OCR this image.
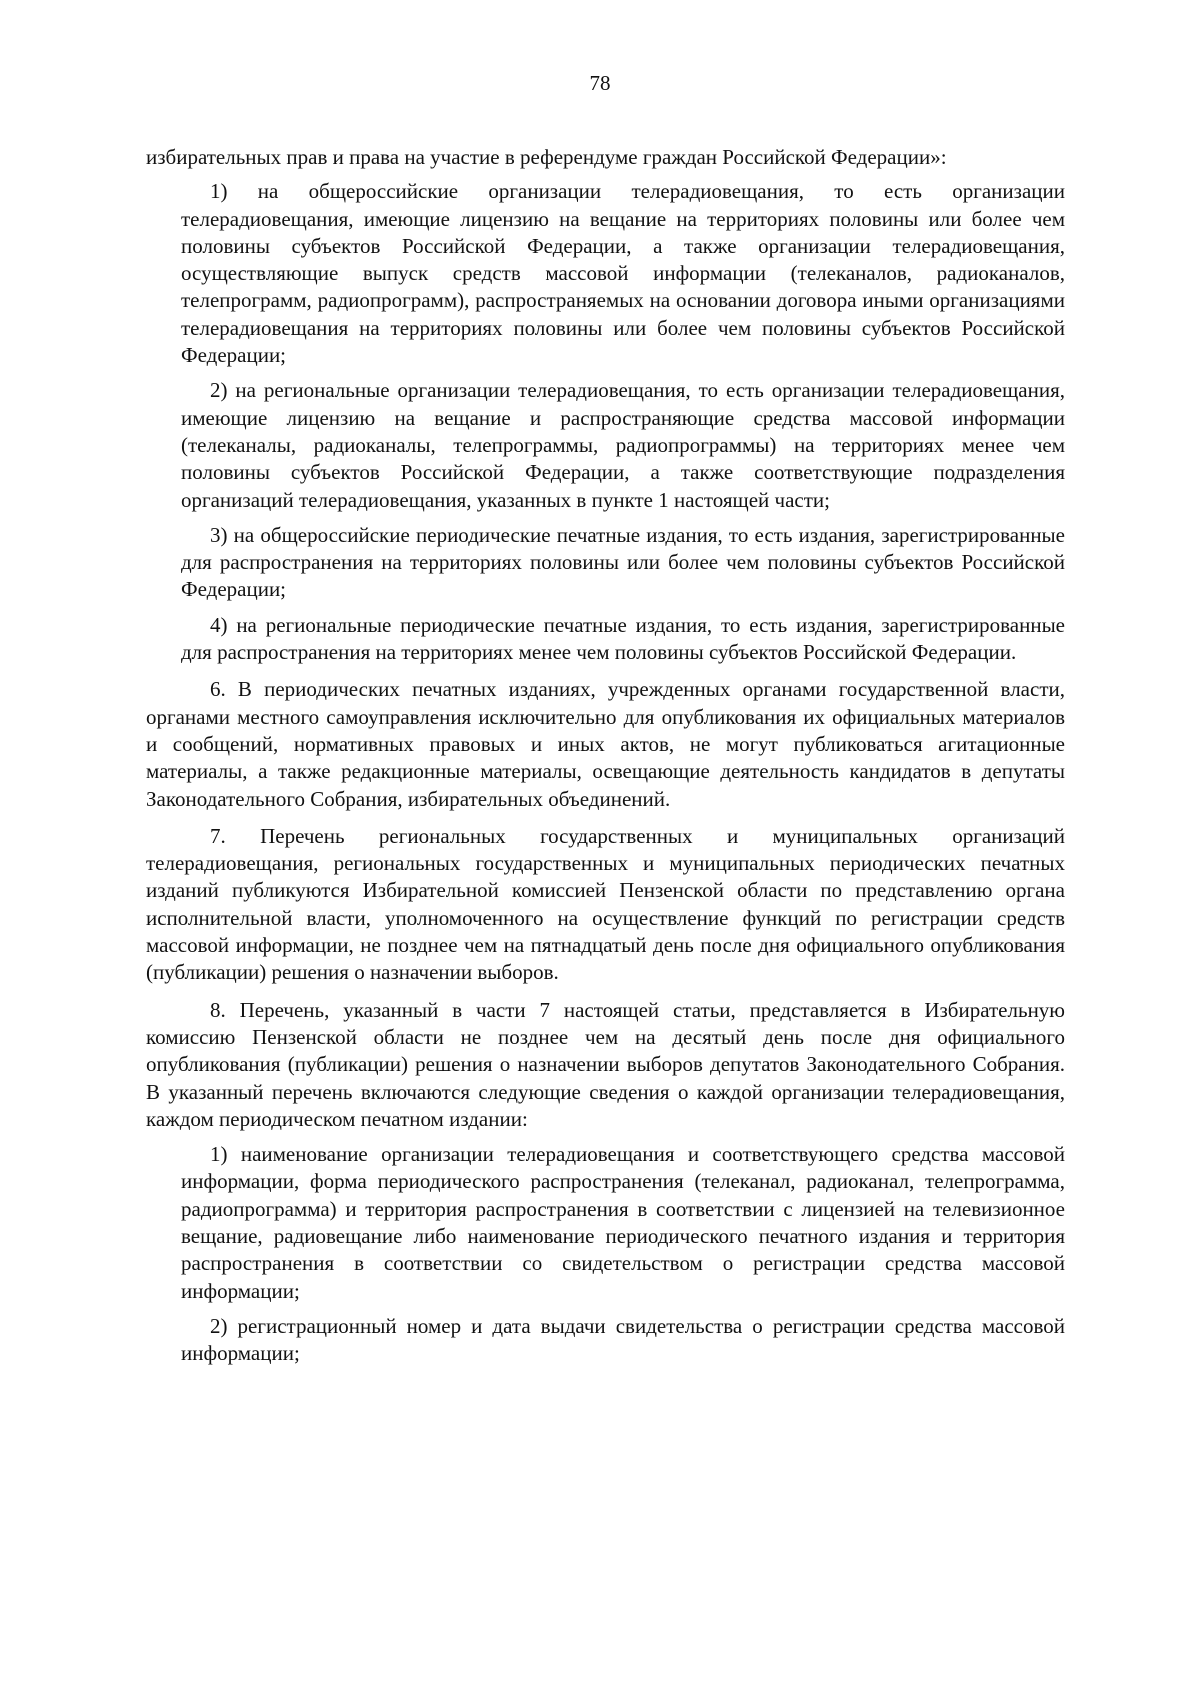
78

избирательных прав и права на участие в референдуме граждан Российской Федерации»:

1) на общероссийские организации телерадиовещания, то есть организации телерадиовещания, имеющие лицензию на вещание на территориях половины или более чем половины субъектов Российской Федерации, а также организации телерадиовещания, осуществляющие выпуск средств массовой информации (телеканалов, радиоканалов, телепрограмм, радиопрограмм), распространяемых на основании договора иными организациями телерадиовещания на территориях половины или более чем половины субъектов Российской Федерации;

2) на региональные организации телерадиовещания, то есть организации телерадиовещания, имеющие лицензию на вещание и распространяющие средства массовой информации (телеканалы, радиоканалы, телепрограммы, радиопрограммы) на территориях менее чем половины субъектов Российской Федерации, а также соответствующие подразделения организаций телерадиовещания, указанных в пункте 1 настоящей части;

3) на общероссийские периодические печатные издания, то есть издания, зарегистрированные для распространения на территориях половины или более чем половины субъектов Российской Федерации;

4) на региональные периодические печатные издания, то есть издания, зарегистрированные для распространения на территориях менее чем половины субъектов Российской Федерации.

6. В периодических печатных изданиях, учрежденных органами государственной власти, органами местного самоуправления исключительно для опубликования их официальных материалов и сообщений, нормативных правовых и иных актов, не могут публиковаться агитационные материалы, а также редакционные материалы, освещающие деятельность кандидатов в депутаты Законодательного Собрания, избирательных объединений.

7. Перечень региональных государственных и муниципальных организаций телерадиовещания, региональных государственных и муниципальных периодических печатных изданий публикуются Избирательной комиссией Пензенской области по представлению органа исполнительной власти, уполномоченного на осуществление функций по регистрации средств массовой информации, не позднее чем на пятнадцатый день после дня официального опубликования (публикации) решения о назначении выборов.

8. Перечень, указанный в части 7 настоящей статьи, представляется в Избирательную комиссию Пензенской области не позднее чем на десятый день после дня официального опубликования (публикации) решения о назначении выборов депутатов Законодательного Собрания. В указанный перечень включаются следующие сведения о каждой организации телерадиовещания, каждом периодическом печатном издании:

1) наименование организации телерадиовещания и соответствующего средства массовой информации, форма периодического распространения (телеканал, радиоканал, телепрограмма, радиопрограмма) и территория распространения в соответствии с лицензией на телевизионное вещание, радиовещание либо наименование периодического печатного издания и территория распространения в соответствии со свидетельством о регистрации средства массовой информации;

2) регистрационный номер и дата выдачи свидетельства о регистрации средства массовой информации;
